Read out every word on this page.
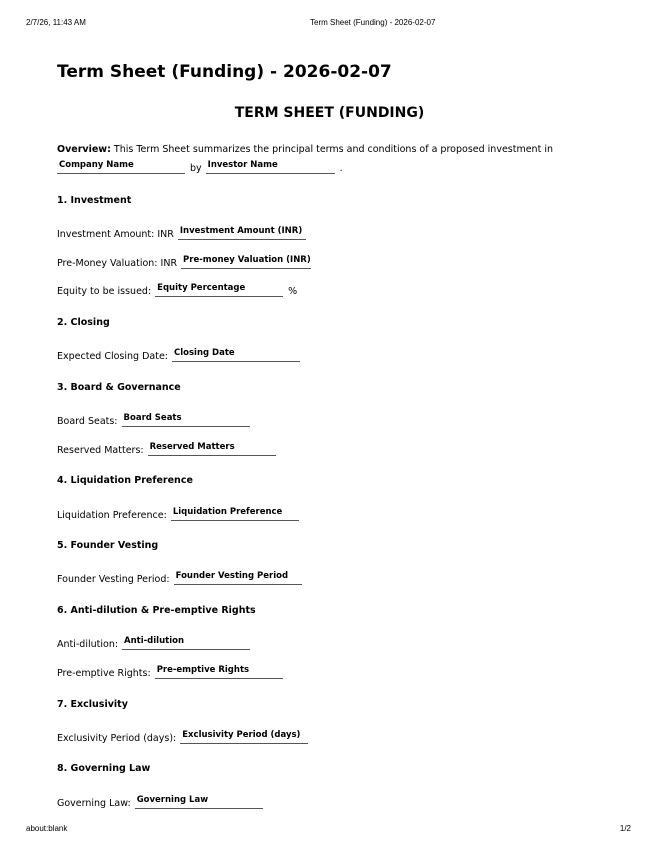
2/7/26, 11:43 AM	Term Sheet (Funding) - 2026-02-07
Term Sheet (Funding) - 2026-02-07
TERM SHEET (FUNDING)
Overview: This Term Sheet summarizes the principal terms and conditions of a proposed investment in
Company Name	by Investor Name	.
1. Investment
Investment Amount: INR Investment Amount (INR)
Pre-Money Valuation: INR Pre-money Valuation (INR)
Equity to be issued: Equity Percentage	%
2. Closing
Expected Closing Date: Closing Date
3. Board & Governance
Board Seats: Board Seats
Reserved Matters: Reserved Matters
4. Liquidation Preference
Liquidation Preference: Liquidation Preference
5. Founder Vesting
Founder Vesting Period: Founder Vesting Period
6. Anti-dilution & Pre-emptive Rights
Anti-dilution: Anti-dilution
Pre-emptive Rights: Pre-emptive Rights
7. Exclusivity
Exclusivity Period (days): Exclusivity Period (days)
8. Governing Law
Governing Law: Governing Law
about:blank	1/2
